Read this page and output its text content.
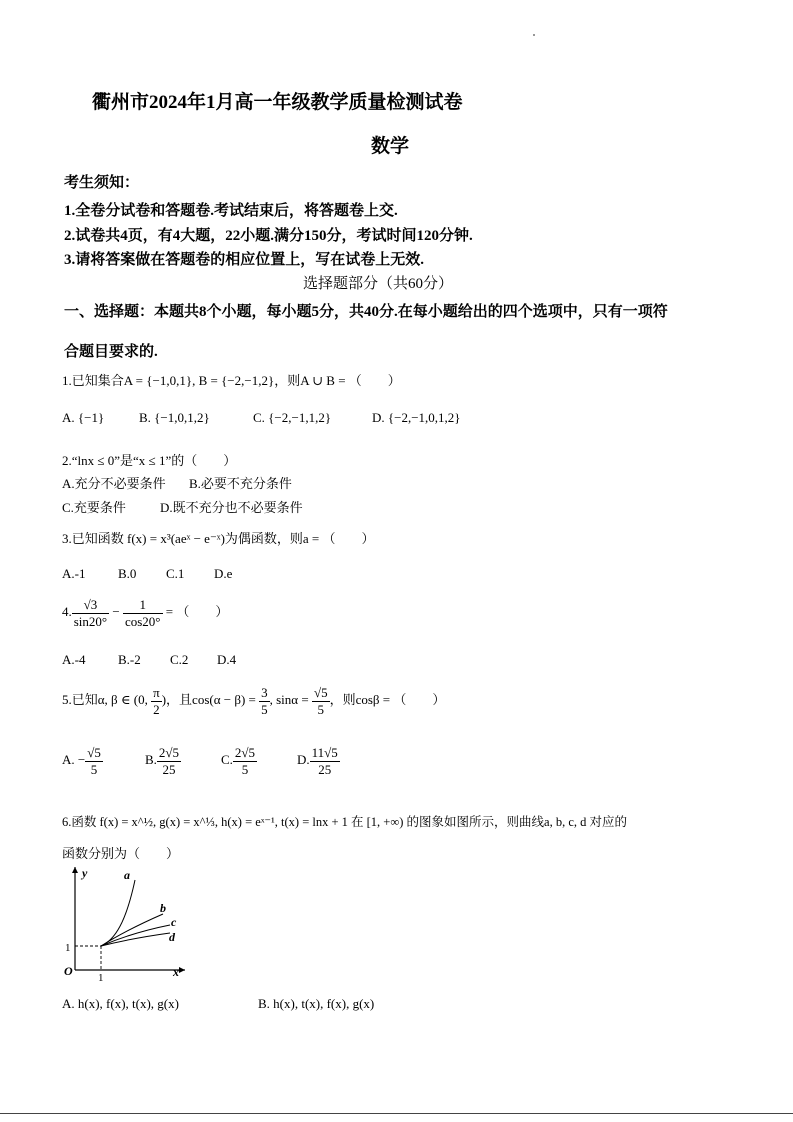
衢州市2024年1月高一年级教学质量检测试卷
数学
考生须知：
1.全卷分试卷和答题卷.考试结束后，将答题卷上交.
2.试卷共4页，有4大题，22小题.满分150分，考试时间120分钟.
3.请将答案做在答题卷的相应位置上，写在试卷上无效.
选择题部分（共60分）
一、选择题：本题共8个小题，每小题5分，共40分.在每小题给出的四个选项中，只有一项符
合题目要求的.
1.已知集合A = {−1,0,1}, B = {−2,−1,2}，则A ∪ B = （　　）
A. {−1}	B. {−1,0,1,2}	C. {−2,−1,1,2}	D. {−2,−1,0,1,2}
2.“lnx ≤ 0”是“x ≤ 1”的（　　）
A.充分不必要条件 B.必要不充分条件
C.充要条件	D.既不充分也不必要条件
3.已知函数 f(x) = x³(aeˣ − e⁻ˣ)为偶函数，则a = （　　）
A.-1	B.0 C.1 D.e
4. $\frac{√3}{\sin 20^\circ} - \frac{1}{\cos 20^\circ}$ = （　　）
A.-4	B.-2 C.2 D.4
5.已知α, β ∈ (0, $\frac{\pi}{2}$ )，且$\cos(\alpha - \beta) = \frac{3}{5}$ , $\sin\alpha = \frac{√5}{5}$ ，则cosβ = （　　）
A. − $\frac{√5}{5}$	B. $\frac{2√5}{25}$	C. $\frac{2√5}{5}$	D. $\frac{11√5}{25}$
6.函数 f(x) = x^½, g(x) = x^⅓, h(x) = eˣ⁻¹, t(x) = lnx + 1 在 [1, +∞) 的图象如图所示，则曲线a, b, c, d 对应的
函数分别为（　　）
y
x
O
1
1
a
b
c
d
A. h(x), f(x), t(x), g(x)	B. h(x), t(x), f(x), g(x)
